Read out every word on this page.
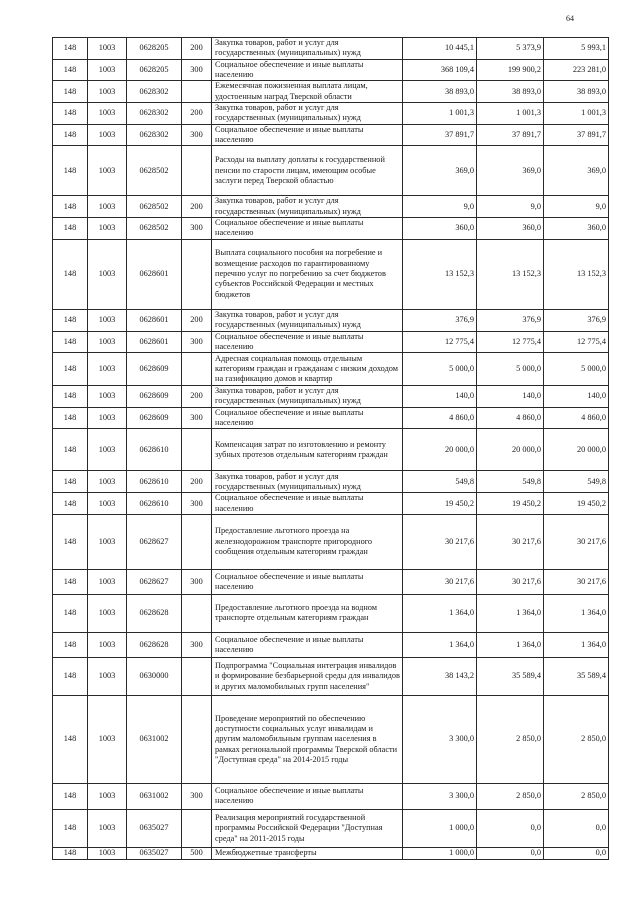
64
148	1003	0628205	200	Закупка товаров, работ и услуг для государственных (муниципальных) нужд	10 445,1	5 373,9	5 993,1
148	1003	0628205	300	Социальное обеспечение и иные выплаты населению	368 109,4	199 900,2	223 281,0
148	1003	0628302		Ежемесячная пожизненная выплата лицам, удостоенным наград Тверской области	38 893,0	38 893,0	38 893,0
148	1003	0628302	200	Закупка товаров, работ и услуг для государственных (муниципальных) нужд	1 001,3	1 001,3	1 001,3
148	1003	0628302	300	Социальное обеспечение и иные выплаты населению	37 891,7	37 891,7	37 891,7
148	1003	0628502		Расходы на выплату доплаты к государственной пенсии по старости лицам, имеющим особые заслуги перед Тверской областью	369,0	369,0	369,0
148	1003	0628502	200	Закупка товаров, работ и услуг для государственных (муниципальных) нужд	9,0	9,0	9,0
148	1003	0628502	300	Социальное обеспечение и иные выплаты населению	360,0	360,0	360,0
148	1003	0628601		Выплата социального пособия на погребение и возмещение расходов по гарантированному перечню услуг по погребению за счет бюджетов субъектов Российской Федерации и местных бюджетов	13 152,3	13 152,3	13 152,3
148	1003	0628601	200	Закупка товаров, работ и услуг для государственных (муниципальных) нужд	376,9	376,9	376,9
148	1003	0628601	300	Социальное обеспечение и иные выплаты населению	12 775,4	12 775,4	12 775,4
148	1003	0628609		Адресная социальная помощь отдельным категориям граждан и гражданам с низким доходом на газификацию домов и квартир	5 000,0	5 000,0	5 000,0
148	1003	0628609	200	Закупка товаров, работ и услуг для государственных (муниципальных) нужд	140,0	140,0	140,0
148	1003	0628609	300	Социальное обеспечение и иные выплаты населению	4 860,0	4 860,0	4 860,0
148	1003	0628610		Компенсация затрат по изготовлению и ремонту зубных протезов отдельным категориям граждан	20 000,0	20 000,0	20 000,0
148	1003	0628610	200	Закупка товаров, работ и услуг для государственных (муниципальных) нужд	549,8	549,8	549,8
148	1003	0628610	300	Социальное обеспечение и иные выплаты населению	19 450,2	19 450,2	19 450,2
148	1003	0628627		Предоставление льготного проезда на железнодорожном транспорте пригородного сообщения отдельным категориям граждан	30 217,6	30 217,6	30 217,6
148	1003	0628627	300	Социальное обеспечение и иные выплаты населению	30 217,6	30 217,6	30 217,6
148	1003	0628628		Предоставление льготного проезда на водном транспорте отдельным категориям граждан	1 364,0	1 364,0	1 364,0
148	1003	0628628	300	Социальное обеспечение и иные выплаты населению	1 364,0	1 364,0	1 364,0
148	1003	0630000		Подпрограмма "Социальная интеграция инвалидов и формирование безбарьерной среды для инвалидов и других маломобильных групп населения"	38 143,2	35 589,4	35 589,4
148	1003	0631002		Проведение мероприятий по обеспечению доступности социальных услуг инвалидам и другим маломобильным группам населения в рамках региональной программы Тверской области "Доступная среда" на 2014-2015 годы	3 300,0	2 850,0	2 850,0
148	1003	0631002	300	Социальное обеспечение и иные выплаты населению	3 300,0	2 850,0	2 850,0
148	1003	0635027		Реализация мероприятий государственной программы Российской Федерации "Доступная среда" на 2011-2015 годы	1 000,0	0,0	0,0
148	1003	0635027	500	Межбюджетные трансферты	1 000,0	0,0	0,0
